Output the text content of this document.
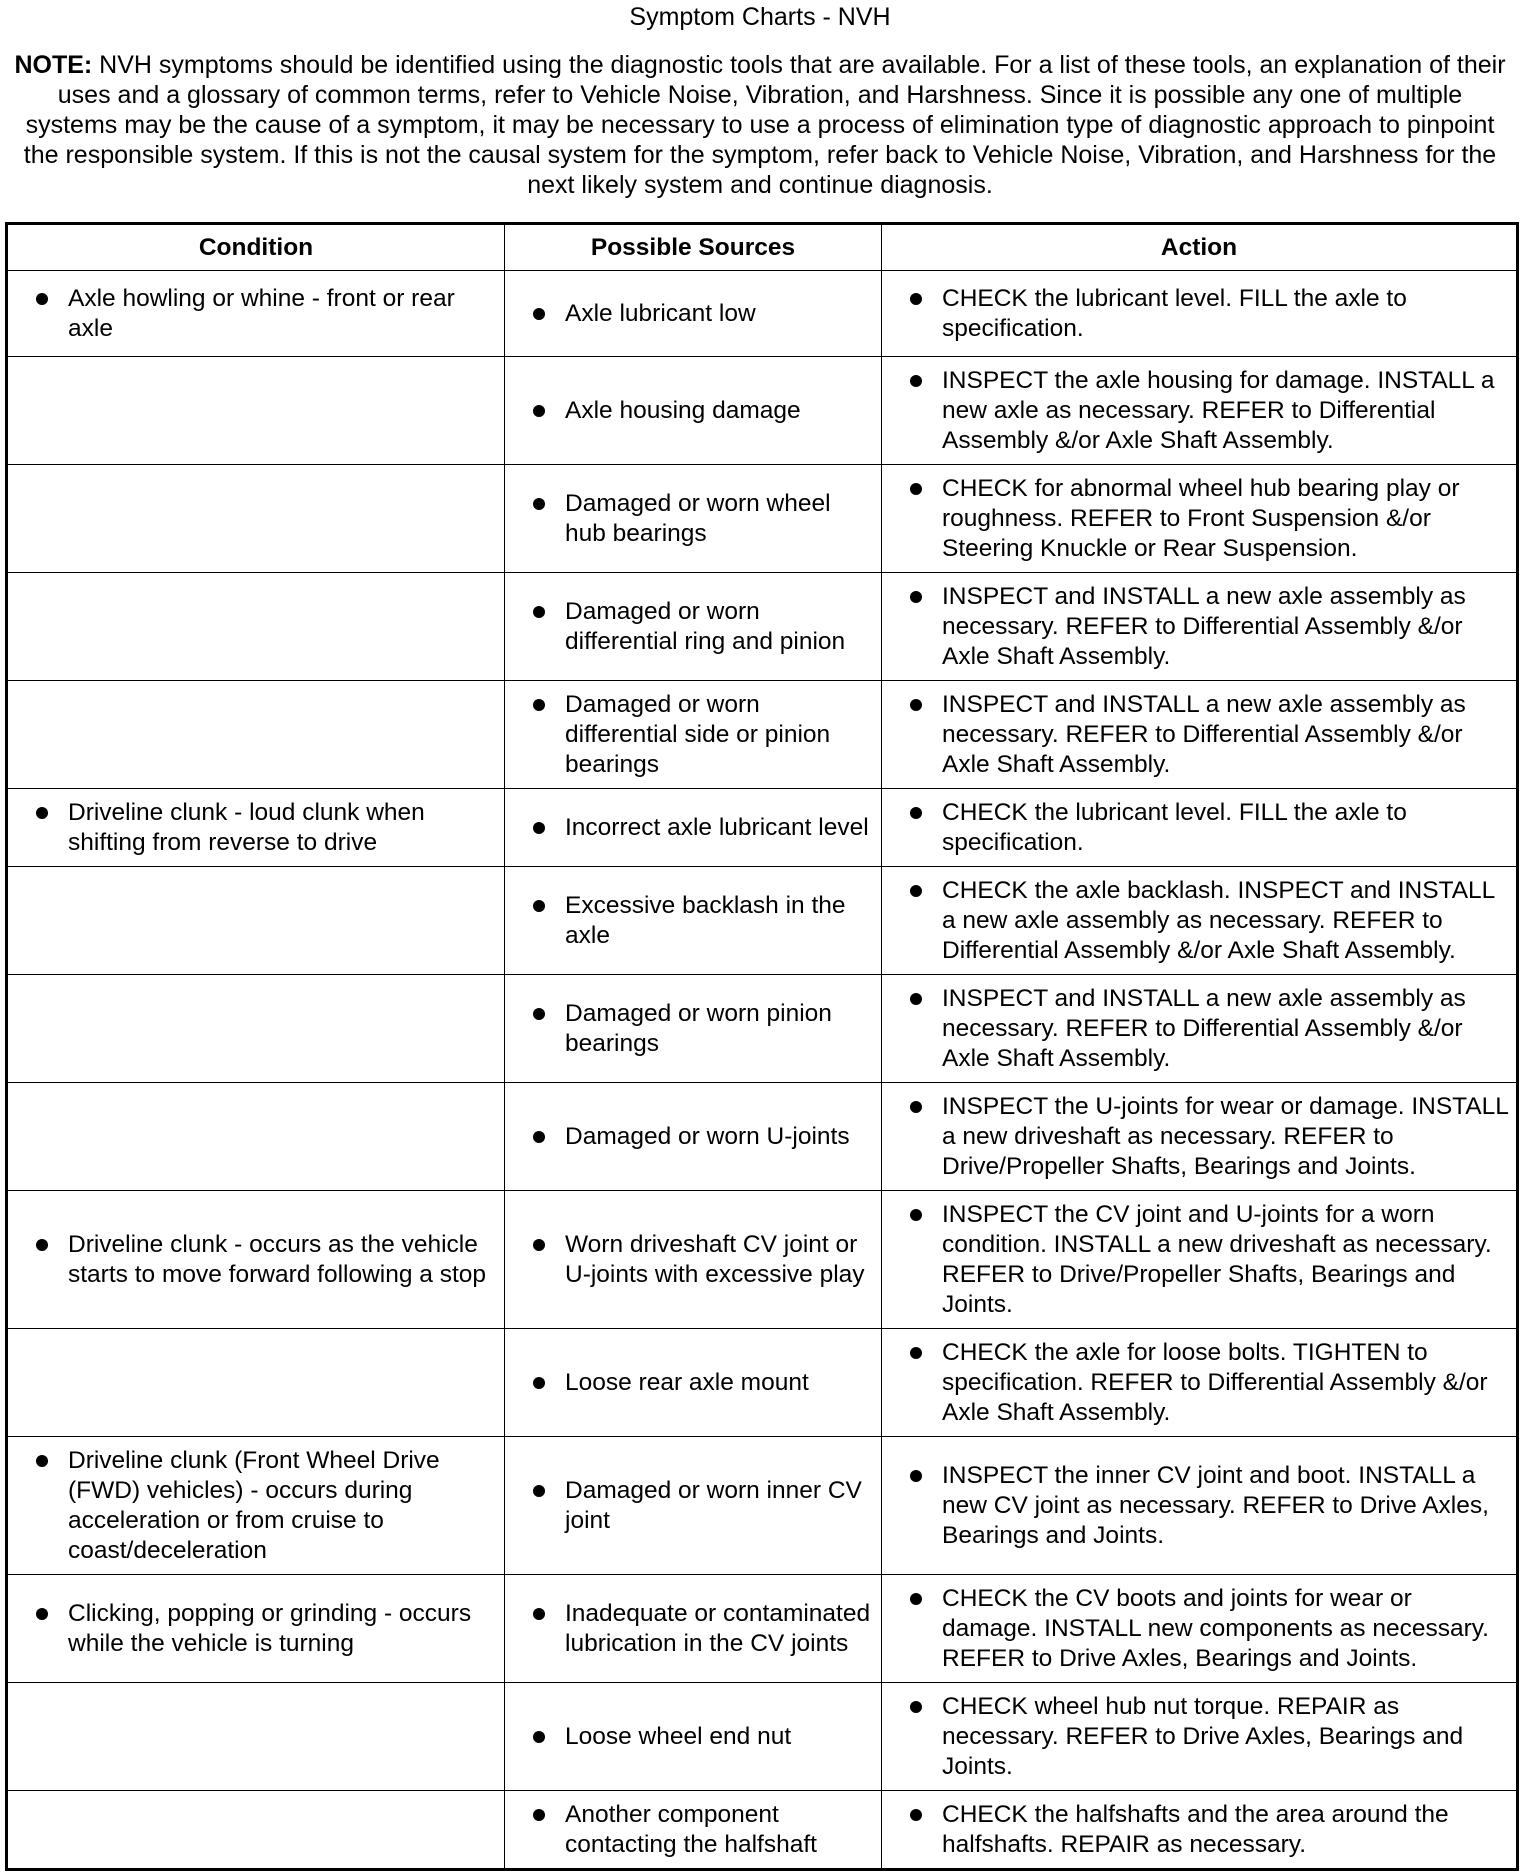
Symptom Charts - NVH
NOTE: NVH symptoms should be identified using the diagnostic tools that are available. For a list of these tools, an explanation of their uses and a glossary of common terms, refer to Vehicle Noise, Vibration, and Harshness. Since it is possible any one of multiple systems may be the cause of a symptom, it may be necessary to use a process of elimination type of diagnostic approach to pinpoint the responsible system. If this is not the causal system for the symptom, refer back to Vehicle Noise, Vibration, and Harshness for the next likely system and continue diagnosis.
Condition	Possible Sources	Action

Axle howling or whine - front or rear axle	Axle lubricant low	CHECK the lubricant level. FILL the axle to specification.

	Axle housing damage	INSPECT the axle housing for damage. INSTALL a new axle as necessary. REFER to Differential Assembly &/or Axle Shaft Assembly.

	Damaged or worn wheel hub bearings	CHECK for abnormal wheel hub bearing play or roughness. REFER to Front Suspension &/or Steering Knuckle or Rear Suspension.

	Damaged or worn differential ring and pinion	INSPECT and INSTALL a new axle assembly as necessary. REFER to Differential Assembly &/or Axle Shaft Assembly.

	Damaged or worn differential side or pinion bearings	INSPECT and INSTALL a new axle assembly as necessary. REFER to Differential Assembly &/or Axle Shaft Assembly.

Driveline clunk - loud clunk when shifting from reverse to drive	Incorrect axle lubricant level	CHECK the lubricant level. FILL the axle to specification.

	Excessive backlash in the axle	CHECK the axle backlash. INSPECT and INSTALL a new axle assembly as necessary. REFER to Differential Assembly &/or Axle Shaft Assembly.

	Damaged or worn pinion bearings	INSPECT and INSTALL a new axle assembly as necessary. REFER to Differential Assembly &/or Axle Shaft Assembly.

	Damaged or worn U-joints	INSPECT the U-joints for wear or damage. INSTALL a new driveshaft as necessary. REFER to Drive/Propeller Shafts, Bearings and Joints.

Driveline clunk - occurs as the vehicle starts to move forward following a stop	Worn driveshaft CV joint or U-joints with excessive play	INSPECT the CV joint and U-joints for a worn condition. INSTALL a new driveshaft as necessary. REFER to Drive/Propeller Shafts, Bearings and Joints.

	Loose rear axle mount	CHECK the axle for loose bolts. TIGHTEN to specification. REFER to Differential Assembly &/or Axle Shaft Assembly.

Driveline clunk (Front Wheel Drive (FWD) vehicles) - occurs during acceleration or from cruise to coast/deceleration	Damaged or worn inner CV joint	INSPECT the inner CV joint and boot. INSTALL a new CV joint as necessary. REFER to Drive Axles, Bearings and Joints.

Clicking, popping or grinding - occurs while the vehicle is turning	Inadequate or contaminated lubrication in the CV joints	CHECK the CV boots and joints for wear or damage. INSTALL new components as necessary. REFER to Drive Axles, Bearings and Joints.

	Loose wheel end nut	CHECK wheel hub nut torque. REPAIR as necessary. REFER to Drive Axles, Bearings and Joints.

	Another component contacting the halfshaft	CHECK the halfshafts and the area around the halfshafts. REPAIR as necessary.
